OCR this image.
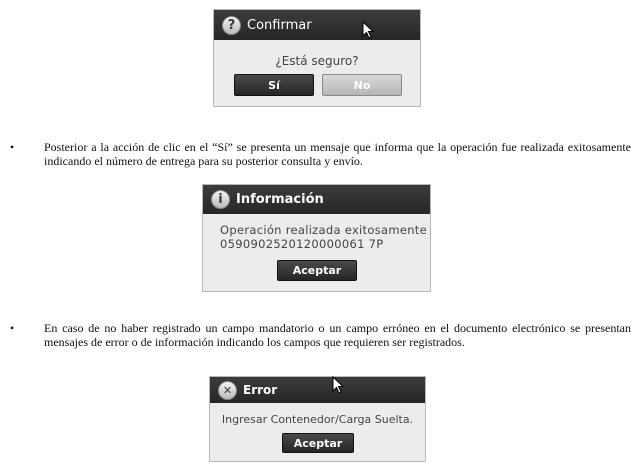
? Confirmar
¿Está seguro?
Sí	No
• Posterior a la acción de clic en el “Sí” se presenta un mensaje que informa que la operación fue realizada exitosamente indicando el número de entrega para su posterior consulta y envío.
i	Información
Operación realizada exitosamente
0590902520120000061 7P
Aceptar
• En caso de no haber registrado un campo mandatorio o un campo erróneo en el documento electrónico se presentan mensajes de error o de información indicando los campos que requieren ser registrados.
✕ Error
Ingresar Contenedor/Carga Suelta.
Aceptar
